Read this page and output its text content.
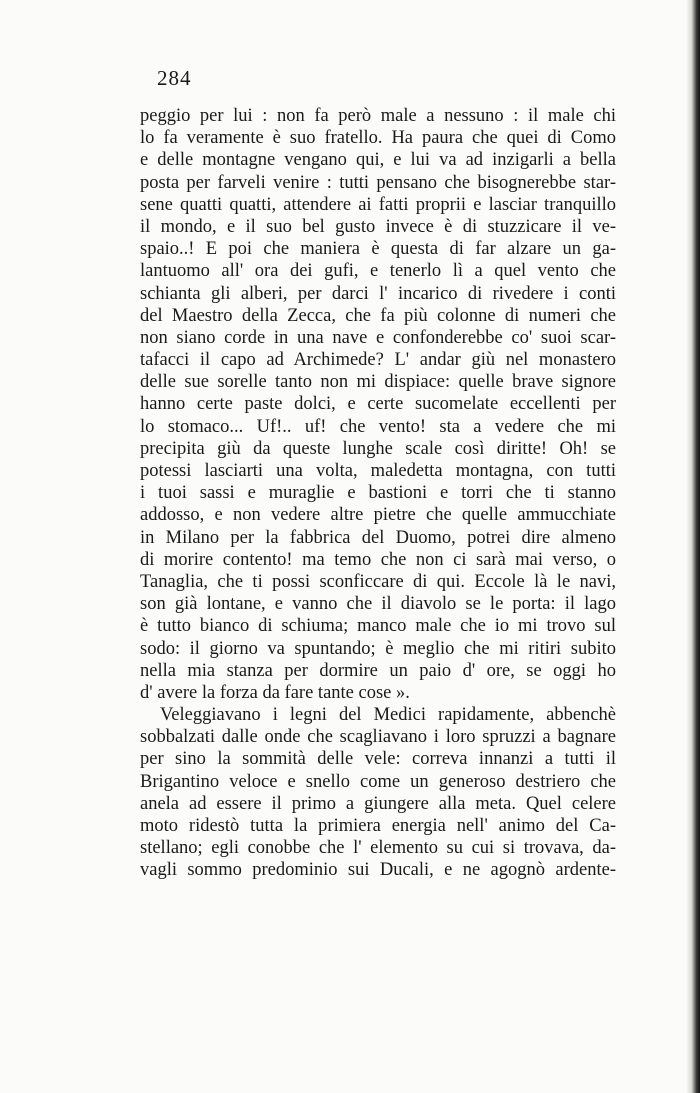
284
peggio per lui : non fa però male a nessuno : il male chi
lo fa veramente è suo fratello. Ha paura che quei di Como
e delle montagne vengano qui, e lui va ad inzigarli a bella
posta per farveli venire : tutti pensano che bisognerebbe star-
sene quatti quatti, attendere ai fatti proprii e lasciar tranquillo
il mondo, e il suo bel gusto invece è di stuzzicare il ve-
spaio..! E poi che maniera è questa di far alzare un ga-
lantuomo all' ora dei gufi, e tenerlo lì a quel vento che
schianta gli alberi, per darci l' incarico di rivedere i conti
del Maestro della Zecca, che fa più colonne di numeri che
non siano corde in una nave e confonderebbe co' suoi scar-
tafacci il capo ad Archimede? L' andar giù nel monastero
delle sue sorelle tanto non mi dispiace: quelle brave signore
hanno certe paste dolci, e certe sucomelate eccellenti per
lo stomaco... Uf!.. uf! che vento! sta a vedere che mi
precipita giù da queste lunghe scale così diritte! Oh! se
potessi lasciarti una volta, maledetta montagna, con tutti
i tuoi sassi e muraglie e bastioni e torri che ti stanno
addosso, e non vedere altre pietre che quelle ammucchiate
in Milano per la fabbrica del Duomo, potrei dire almeno
di morire contento! ma temo che non ci sarà mai verso, o
Tanaglia, che ti possi sconficcare di qui. Eccole là le navi,
son già lontane, e vanno che il diavolo se le porta: il lago
è tutto bianco di schiuma; manco male che io mi trovo sul
sodo: il giorno va spuntando; è meglio che mi ritiri subito
nella mia stanza per dormire un paio d' ore, se oggi ho
d' avere la forza da fare tante cose ».
Veleggiavano i legni del Medici rapidamente, abbenchè
sobbalzati dalle onde che scagliavano i loro spruzzi a bagnare
per sino la sommità delle vele: correva innanzi a tutti il
Brigantino veloce e snello come un generoso destriero che
anela ad essere il primo a giungere alla meta. Quel celere
moto ridestò tutta la primiera energia nell' animo del Ca-
stellano; egli conobbe che l' elemento su cui si trovava, da-
vagli sommo predominio sui Ducali, e ne agognò ardente-
